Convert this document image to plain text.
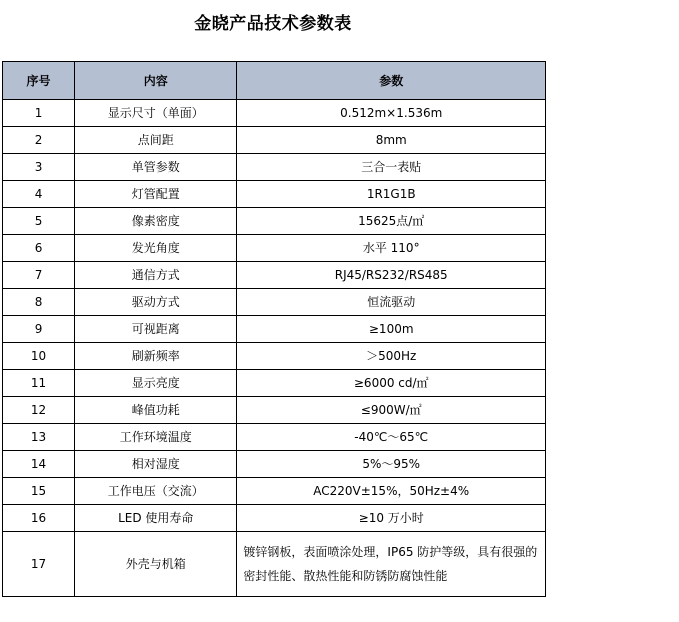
金晓产品技术参数表
序号	内容	参数
1	显示尺寸（单面）	0.512m×1.536m
2	点间距	8mm
3	单管参数	三合一表贴
4	灯管配置	1R1G1B
5	像素密度	15625点/㎡
6	发光角度	水平 110°
7	通信方式	RJ45/RS232/RS485
8	驱动方式	恒流驱动
9	可视距离	≥100m
10	刷新频率	＞500Hz
11	显示亮度	≥6000 cd/㎡
12	峰值功耗	≤900W/㎡
13	工作环境温度	-40℃～65℃
14	相对湿度	5%～95%
15	工作电压（交流）	AC220V±15%，50Hz±4%
16	LED 使用寿命	≥10 万小时
17	外壳与机箱	镀锌钢板，表面喷涂处理，IP65 防护等级，具有很强的密封性能、散热性能和防锈防腐蚀性能
